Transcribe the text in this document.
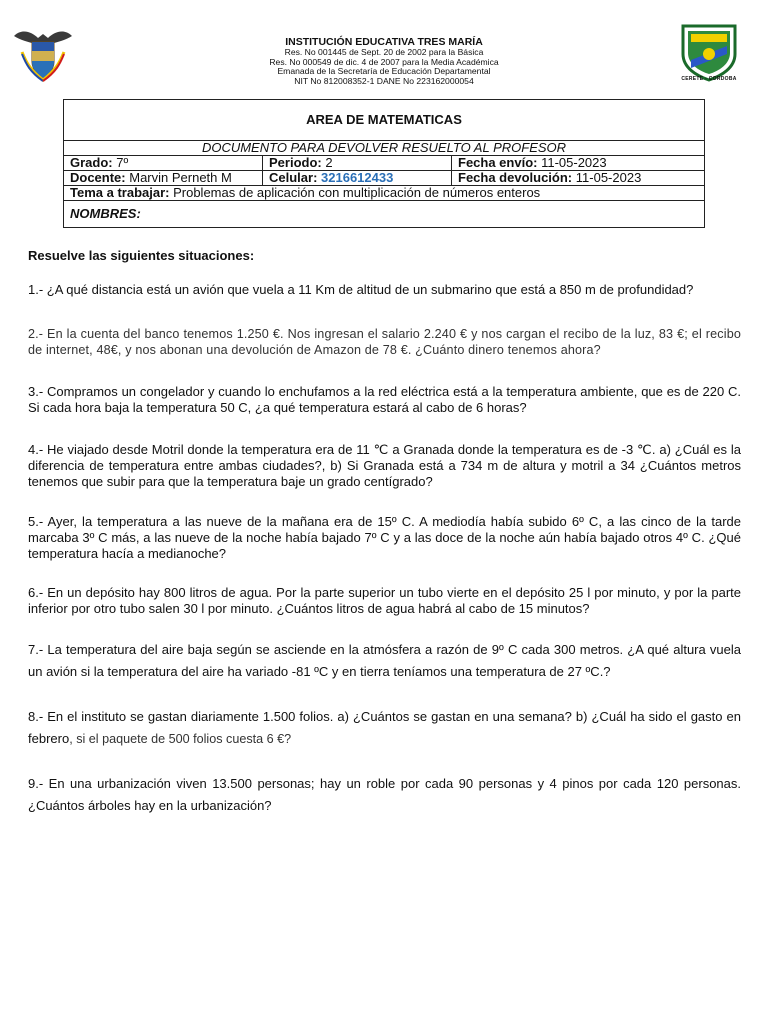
INSTITUCIÓN EDUCATIVA TRES MARÍA
Res. No 001445 de Sept. 20 de 2002 para la Básica
Res. No 000549 de dic. 4 de 2007 para la Media Académica
Emanada de la Secretaría de Educación Departamental
NIT No 812008352-1 DANE No 223162000054	CERETE - CORDOBA
AREA DE MATEMATICAS		
DOCUMENTO PARA DEVOLVER RESUELTO AL PROFESOR		
Grado: 7º	Periodo: 2	Fecha envío: 11-05-2023
Docente: Marvin Perneth M	Celular: 3216612433	Fecha devolución: 11-05-2023
Tema a trabajar: Problemas de aplicación con multiplicación de números enteros		
NOMBRES:		
Resuelve las siguientes situaciones:
1.- ¿A qué distancia está un avión que vuela a 11 Km de altitud de un submarino que está a 850 m de profundidad?
2.- En la cuenta del banco tenemos 1.250 €. Nos ingresan el salario 2.240 € y nos cargan el recibo de la luz, 83 €; el recibo de internet, 48€, y nos abonan una devolución de Amazon de 78 €. ¿Cuánto dinero tenemos ahora?
3.- Compramos un congelador y cuando lo enchufamos a la red eléctrica está a la temperatura ambiente, que es de 220 C. Si cada hora baja la temperatura 50 C, ¿a qué temperatura estará al cabo de 6 horas?
4.- He viajado desde Motril donde la temperatura era de 11 ℃ a Granada donde la temperatura es de -3 ℃. a) ¿Cuál es la diferencia de temperatura entre ambas ciudades?, b) Si Granada está a 734 m de altura y motril a 34 ¿Cuántos metros tenemos que subir para que la temperatura baje un grado centígrado?
5.- Ayer, la temperatura a las nueve de la mañana era de 15º C. A mediodía había subido 6º C, a las cinco de la tarde marcaba 3º C más, a las nueve de la noche había bajado 7º C y a las doce de la noche aún había bajado otros 4º C. ¿Qué temperatura hacía a medianoche?
6.- En un depósito hay 800 litros de agua. Por la parte superior un tubo vierte en el depósito 25 l por minuto, y por la parte inferior por otro tubo salen 30 l por minuto. ¿Cuántos litros de agua habrá al cabo de 15 minutos?
7.- La temperatura del aire baja según se asciende en la atmósfera a razón de 9º C cada 300 metros. ¿A qué altura vuela un avión si la temperatura del aire ha variado -81 ºC y en tierra teníamos una temperatura de 27 ºC.?
8.- En el instituto se gastan diariamente 1.500 folios. a) ¿Cuántos se gastan en una semana? b) ¿Cuál ha sido el gasto en febrero, si el paquete de 500 folios cuesta 6 €?
9.- En una urbanización viven 13.500 personas; hay un roble por cada 90 personas y 4 pinos por cada 120 personas. ¿Cuántos árboles hay en la urbanización?
